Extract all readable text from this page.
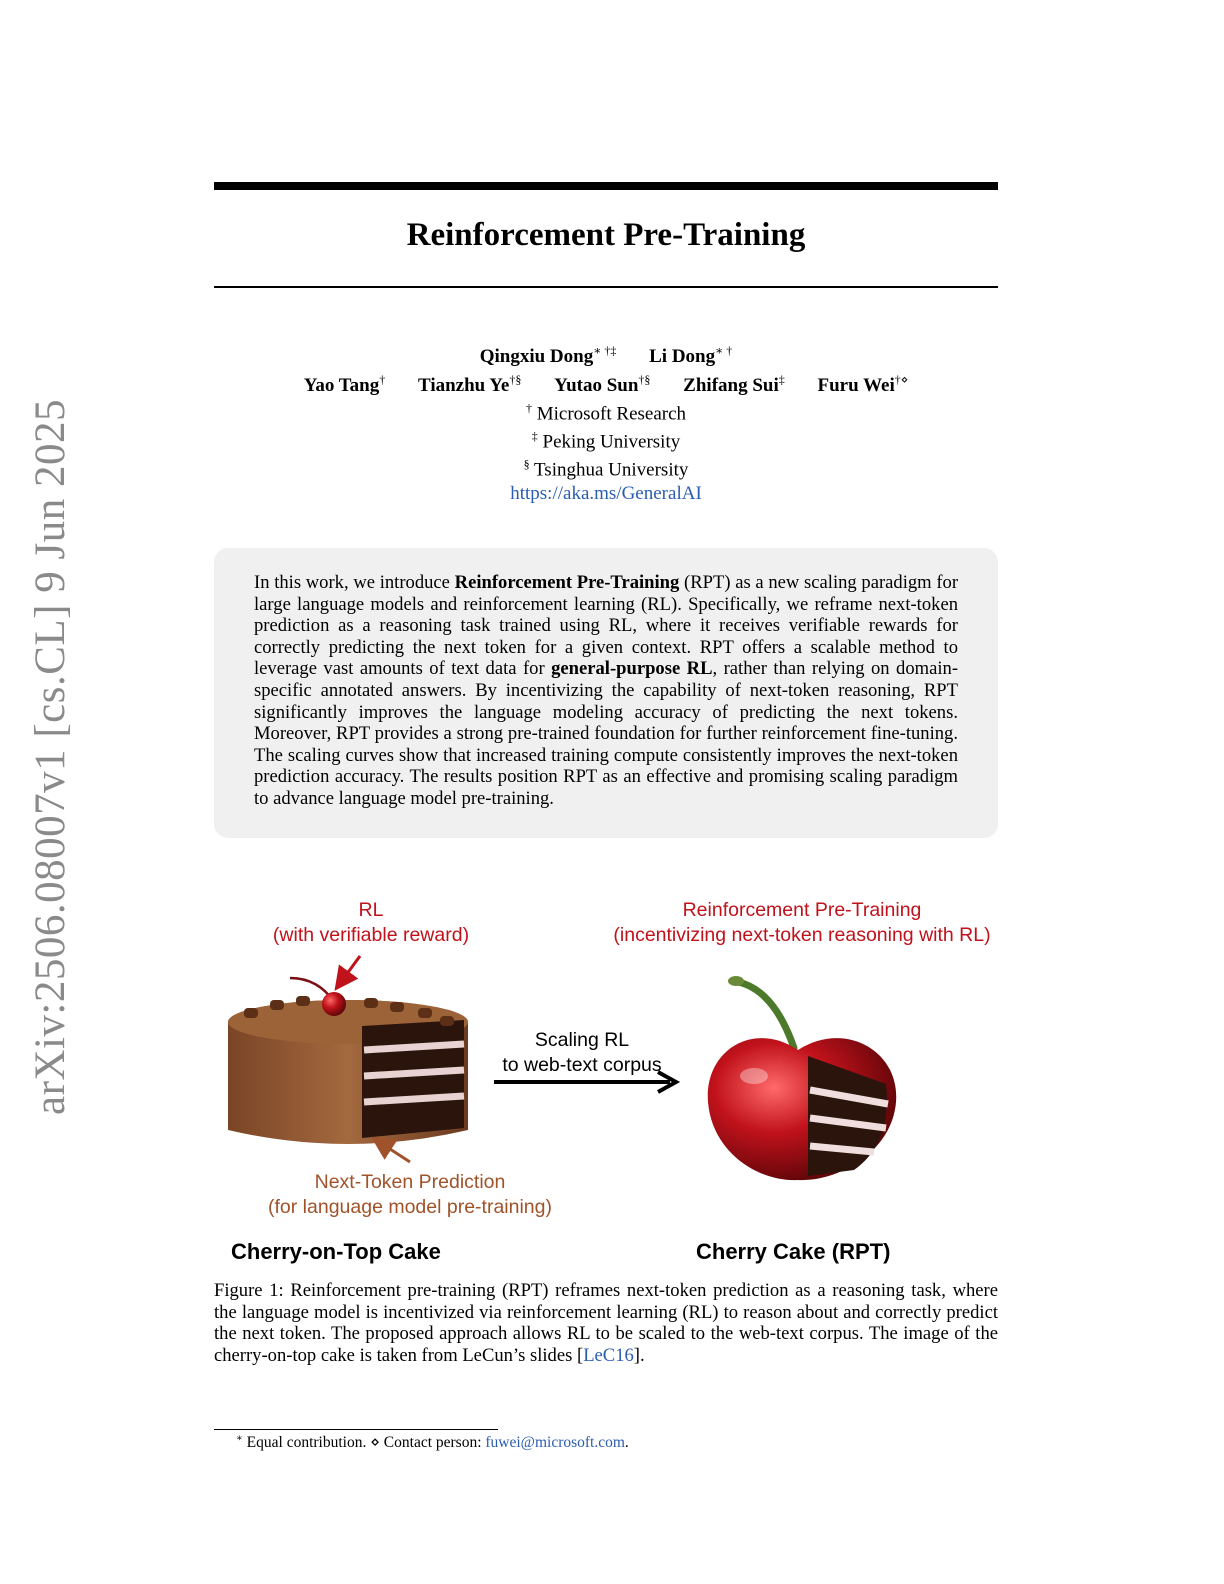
arXiv:2506.08007v1 [cs.CL] 9 Jun 2025
Reinforcement Pre-Training
Qingxiu Dong∗ †‡ Li Dong∗ †
Yao Tang† Tianzhu Ye†§ Yutao Sun†§ Zhifang Sui‡ Furu Wei†⋄
† Microsoft Research
‡ Peking University
§ Tsinghua University
https://aka.ms/GeneralAI
In this work, we introduce Reinforcement Pre-Training (RPT) as a new scaling paradigm for large language models and reinforcement learning (RL). Specifically, we reframe next-token prediction as a reasoning task trained using RL, where it receives verifiable rewards for correctly predicting the next token for a given context. RPT offers a scalable method to leverage vast amounts of text data for general-purpose RL, rather than relying on domain-specific annotated answers. By incentivizing the capability of next-token reasoning, RPT significantly improves the language modeling accuracy of predicting the next tokens. Moreover, RPT provides a strong pre-trained foundation for further reinforcement fine-tuning. The scaling curves show that increased training compute consistently improves the next-token prediction accuracy. The results position RPT as an effective and promising scaling paradigm to advance language model pre-training.
RL
(with verifiable reward)
Reinforcement Pre-Training
(incentivizing next-token reasoning with RL)
Scaling RL
to web-text corpus
Next-Token Prediction
(for language model pre-training)
Cherry-on-Top Cake	Cherry Cake (RPT)
Figure 1: Reinforcement pre-training (RPT) reframes next-token prediction as a reasoning task, where the language model is incentivized via reinforcement learning (RL) to reason about and correctly predict the next token. The proposed approach allows RL to be scaled to the web-text corpus. The image of the cherry-on-top cake is taken from LeCun’s slides [LeC16].
∗ Equal contribution. ⋄ Contact person: fuwei@microsoft.com.
